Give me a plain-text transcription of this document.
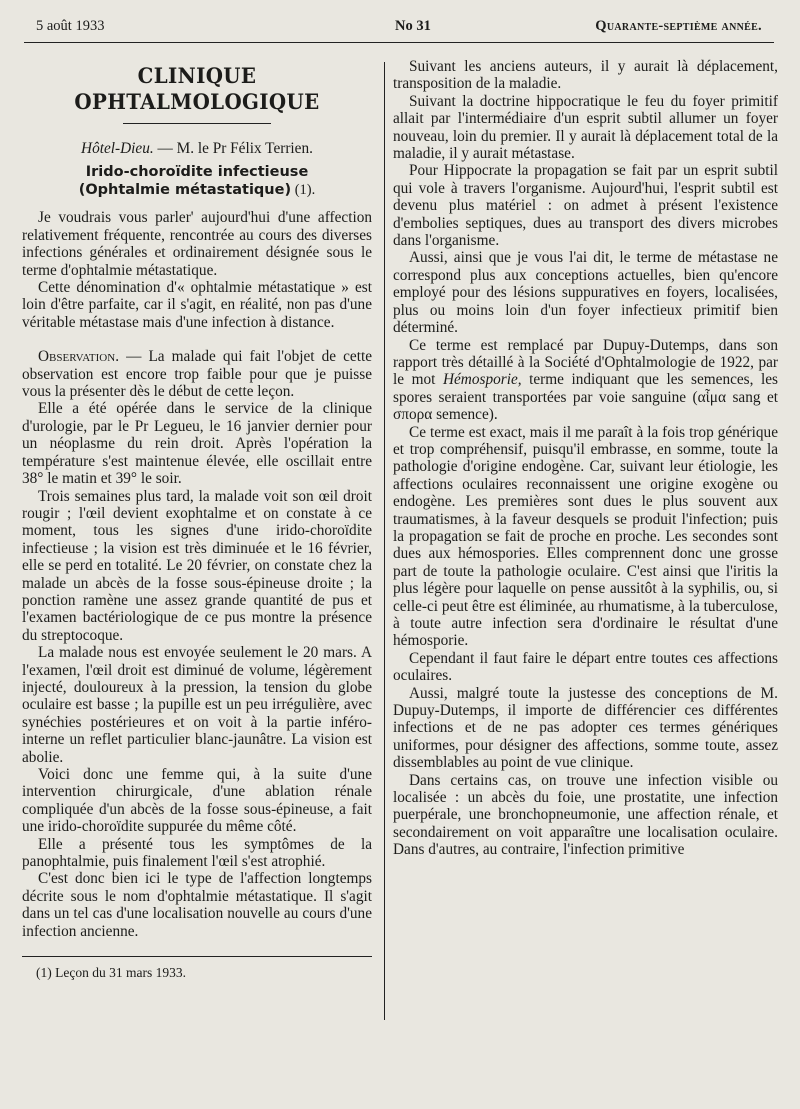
5 août 1933	No 31	Quarante-septième année.
CLINIQUE OPHTALMOLOGIQUE
Hôtel-Dieu. — M. le Pr Félix Terrien.
Irido-choroïdite infectieuse
(Ophtalmie métastatique) (1).

Je voudrais vous parler' aujourd'hui d'une affection relativement fréquente, rencontrée au cours des diverses infections générales et ordinairement désignée sous le terme d'ophtalmie métastatique.

Cette dénomination d'« ophtalmie métastatique » est loin d'être parfaite, car il s'agit, en réalité, non pas d'une véritable métastase mais d'une infection à distance.

Observation. — La malade qui fait l'objet de cette observation est encore trop faible pour que je puisse vous la présenter dès le début de cette leçon.

Elle a été opérée dans le service de la clinique d'urologie, par le Pr Legueu, le 16 janvier dernier pour un néoplasme du rein droit. Après l'opération la température s'est maintenue élevée, elle oscillait entre 38° le matin et 39° le soir.

Trois semaines plus tard, la malade voit son œil droit rougir ; l'œil devient exophtalme et on constate à ce moment, tous les signes d'une irido-choroïdite infectieuse ; la vision est très diminuée et le 16 février, elle se perd en totalité. Le 20 février, on constate chez la malade un abcès de la fosse sous-épineuse droite ; la ponction ramène une assez grande quantité de pus et l'examen bactériologique de ce pus montre la présence du streptocoque.

La malade nous est envoyée seulement le 20 mars. A l'examen, l'œil droit est diminué de volume, légèrement injecté, douloureux à la pression, la tension du globe oculaire est basse ; la pupille est un peu irrégulière, avec synéchies postérieures et on voit à la partie inféro-interne un reflet particulier blanc-jaunâtre. La vision est abolie.

Voici donc une femme qui, à la suite d'une intervention chirurgicale, d'une ablation rénale compliquée d'un abcès de la fosse sous-épineuse, a fait une irido-choroïdite suppurée du même côté.

Elle a présenté tous les symptômes de la panophtalmie, puis finalement l'œil s'est atrophié.

C'est donc bien ici le type de l'affection longtemps décrite sous le nom d'ophtalmie métastatique. Il s'agit dans un tel cas d'une localisation nouvelle au cours d'une infection ancienne.

(1) Leçon du 31 mars 1933.

Suivant les anciens auteurs, il y aurait là déplacement, transposition de la maladie.

Suivant la doctrine hippocratique le feu du foyer primitif allait par l'intermédiaire d'un esprit subtil allumer un foyer nouveau, loin du premier. Il y aurait là déplacement total de la maladie, il y aurait métastase.

Pour Hippocrate la propagation se fait par un esprit subtil qui vole à travers l'organisme. Aujourd'hui, l'esprit subtil est devenu plus matériel : on admet à présent l'existence d'embolies septiques, dues au transport des divers microbes dans l'organisme.

Aussi, ainsi que je vous l'ai dit, le terme de métastase ne correspond plus aux conceptions actuelles, bien qu'encore employé pour des lésions suppuratives en foyers, localisées, plus ou moins loin d'un foyer infectieux primitif bien déterminé.

Ce terme est remplacé par Dupuy-Dutemps, dans son rapport très détaillé à la Société d'Ophtalmologie de 1922, par le mot Hémosporie, terme indiquant que les semences, les spores seraient transportées par voie sanguine (αἷμα sang et σπορα semence).

Ce terme est exact, mais il me paraît à la fois trop générique et trop compréhensif, puisqu'il embrasse, en somme, toute la pathologie d'origine endogène. Car, suivant leur étiologie, les affections oculaires reconnaissent une origine exogène ou endogène. Les premières sont dues le plus souvent aux traumatismes, à la faveur desquels se produit l'infection; puis la propagation se fait de proche en proche. Les secondes sont dues aux hémospories. Elles comprennent donc une grosse part de toute la pathologie oculaire. C'est ainsi que l'iritis la plus légère pour laquelle on pense aussitôt à la syphilis, ou, si celle-ci peut être est éliminée, au rhumatisme, à la tuberculose, à toute autre infection sera d'ordinaire le résultat d'une hémosporie.

Cependant il faut faire le départ entre toutes ces affections oculaires.

Aussi, malgré toute la justesse des conceptions de M. Dupuy-Dutemps, il importe de différencier ces différentes infections et de ne pas adopter ces termes génériques uniformes, pour désigner des affections, somme toute, assez dissemblables au point de vue clinique.

Dans certains cas, on trouve une infection visible ou localisée : un abcès du foie, une prostatite, une infection puerpérale, une bronchopneumonie, une affection rénale, et secondairement on voit apparaître une localisation oculaire. Dans d'autres, au contraire, l'infection primitive
